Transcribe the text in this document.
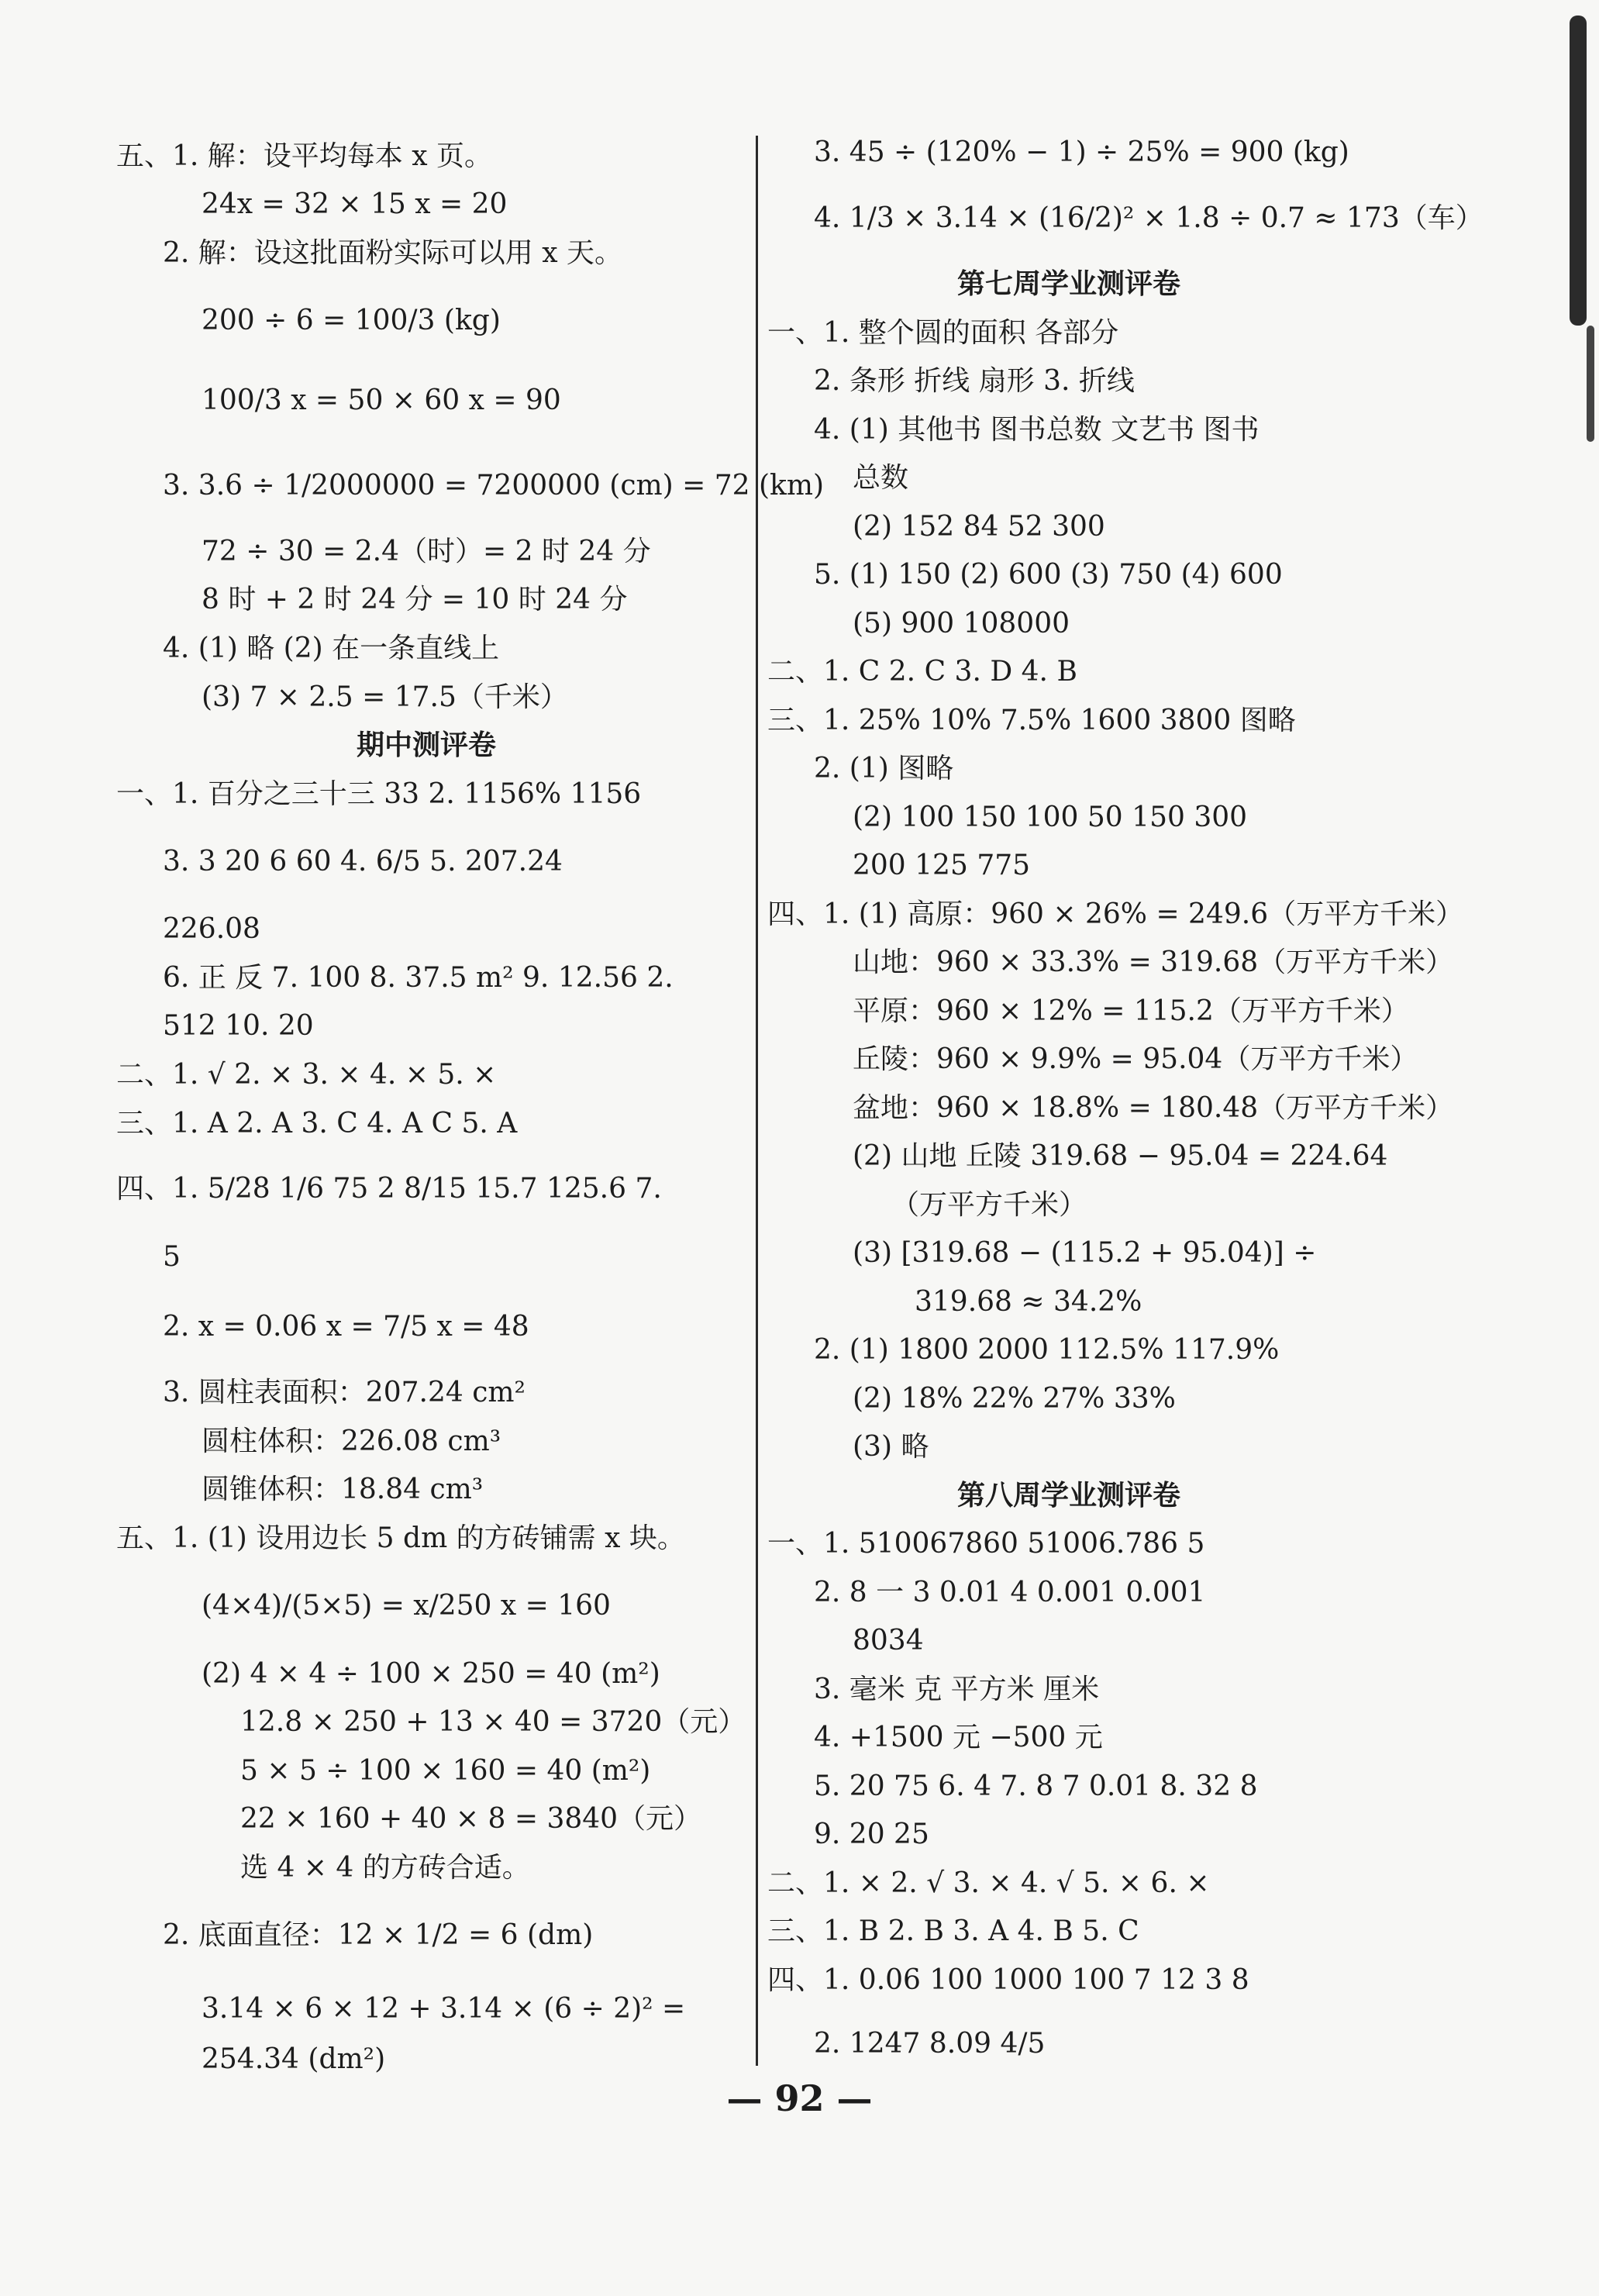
五、1. 解：设平均每本 x 页。
24x = 32 × 15 x = 20
2. 解：设这批面粉实际可以用 x 天。
200 ÷ 6 = 100/3 (kg)
100/3 x = 50 × 60 x = 90
3. 3.6 ÷ 1/2000000 = 7200000 (cm) = 72 (km)
72 ÷ 30 = 2.4（时）= 2 时 24 分
8 时 + 2 时 24 分 = 10 时 24 分
4. (1) 略 (2) 在一条直线上
(3) 7 × 2.5 = 17.5（千米）
期中测评卷
一、1. 百分之三十三 33 2. 1156% 1156
3. 3 20 6 60 4. 6/5 5. 207.24
226.08
6. 正 反 7. 100 8. 37.5 m² 9. 12.56 2.
512 10. 20
二、1. √ 2. × 3. × 4. × 5. ×
三、1. A 2. A 3. C 4. A C 5. A
四、1. 5/28 1/6 75 2 8/15 15.7 125.6 7.
5
2. x = 0.06 x = 7/5 x = 48
3. 圆柱表面积：207.24 cm²
圆柱体积：226.08 cm³
圆锥体积：18.84 cm³
五、1. (1) 设用边长 5 dm 的方砖铺需 x 块。
(4×4)/(5×5) = x/250 x = 160
(2) 4 × 4 ÷ 100 × 250 = 40 (m²)
12.8 × 250 + 13 × 40 = 3720（元）
5 × 5 ÷ 100 × 160 = 40 (m²)
22 × 160 + 40 × 8 = 3840（元）
选 4 × 4 的方砖合适。
2. 底面直径：12 × 1/2 = 6 (dm)
3.14 × 6 × 12 + 3.14 × (6 ÷ 2)² =
254.34 (dm²)
3. 45 ÷ (120% − 1) ÷ 25% = 900 (kg)
4. 1/3 × 3.14 × (16/2)² × 1.8 ÷ 0.7 ≈ 173（车）
第七周学业测评卷
一、1. 整个圆的面积 各部分
2. 条形 折线 扇形 3. 折线
4. (1) 其他书 图书总数 文艺书 图书
总数
(2) 152 84 52 300
5. (1) 150 (2) 600 (3) 750 (4) 600
(5) 900 108000
二、1. C 2. C 3. D 4. B
三、1. 25% 10% 7.5% 1600 3800 图略
2. (1) 图略
(2) 100 150 100 50 150 300
200 125 775
四、1. (1) 高原：960 × 26% = 249.6（万平方千米）
山地：960 × 33.3% = 319.68（万平方千米）
平原：960 × 12% = 115.2（万平方千米）
丘陵：960 × 9.9% = 95.04（万平方千米）
盆地：960 × 18.8% = 180.48（万平方千米）
(2) 山地 丘陵 319.68 − 95.04 = 224.64
（万平方千米）
(3) [319.68 − (115.2 + 95.04)] ÷
319.68 ≈ 34.2%
2. (1) 1800 2000 112.5% 117.9%
(2) 18% 22% 27% 33%
(3) 略
第八周学业测评卷
一、1. 510067860 51006.786 5
2. 8 一 3 0.01 4 0.001 0.001
8034
3. 毫米 克 平方米 厘米
4. +1500 元 −500 元
5. 20 75 6. 4 7. 8 7 0.01 8. 32 8
9. 20 25
二、1. × 2. √ 3. × 4. √ 5. × 6. ×
三、1. B 2. B 3. A 4. B 5. C
四、1. 0.06 100 1000 100 7 12 3 8
2. 1247 8.09 4/5
— 92 —
